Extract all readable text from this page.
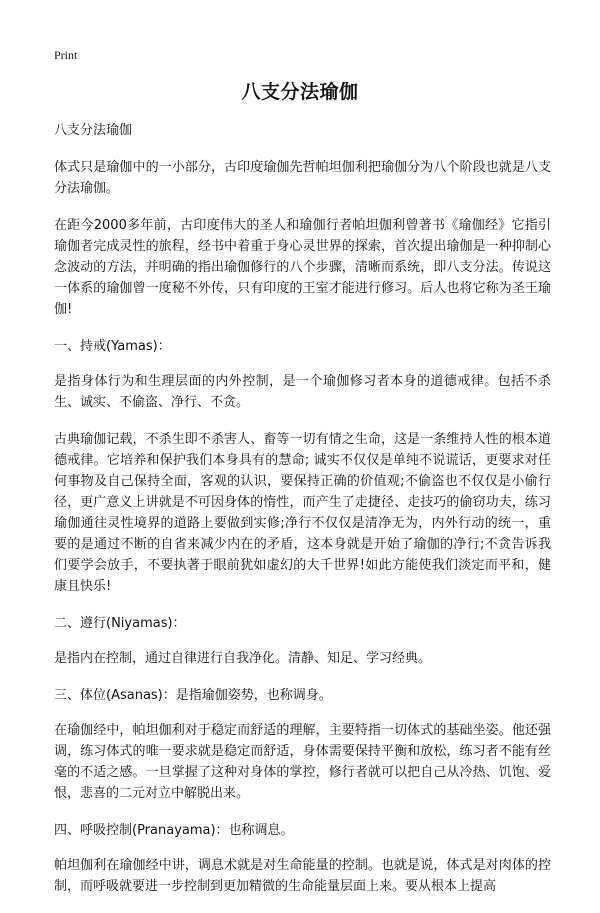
Print
八支分法瑜伽

八支分法瑜伽

体式只是瑜伽中的一小部分，古印度瑜伽先哲帕坦伽利把瑜伽分为八个阶段也就是八支分法瑜伽。

在距今2000多年前，古印度伟大的圣人和瑜伽行者帕坦伽利曾著书《瑜伽经》它指引瑜伽者完成灵性的旅程，经书中着重于身心灵世界的探索，首次提出瑜伽是一种抑制心念波动的方法，并明确的指出瑜伽修行的八个步骤，清晰而系统，即八支分法。传说这一体系的瑜伽曾一度秘不外传，只有印度的王室才能进行修习。后人也将它称为圣王瑜伽!

一、持戒(Yamas)：

是指身体行为和生理层面的内外控制，是一个瑜伽修习者本身的道德戒律。包括不杀生、诚实、不偷盗、净行、不贪。

古典瑜伽记载，不杀生即不杀害人、畜等一切有情之生命，这是一条维持人性的根本道德戒律。它培养和保护我们本身具有的慧命; 诚实不仅仅是单纯不说谎话，更要求对任何事物及自己保持全面，客观的认识，要保持正确的价值观;不偷盗也不仅仅是小偷行径，更广意义上讲就是不可因身体的惰性，而产生了走捷径、走技巧的偷窃功夫，练习瑜伽通往灵性境界的道路上要做到实修;净行不仅仅是清净无为，内外行动的统一，重要的是通过不断的自省来减少内在的矛盾，这本身就是开始了瑜伽的净行;不贪告诉我们要学会放手，不要执著于眼前犹如虚幻的大千世界!如此方能使我们淡定而平和，健康且快乐!

二、遵行(Niyamas)：

是指内在控制，通过自律进行自我净化。清静、知足、学习经典。

三、体位(Asanas)：是指瑜伽姿势，也称调身。

在瑜伽经中，帕坦伽利对于稳定而舒适的理解，主要特指一切体式的基础坐姿。他还强调，练习体式的唯一要求就是稳定而舒适，身体需要保持平衡和放松，练习者不能有丝毫的不适之感。一旦掌握了这种对身体的掌控，修行者就可以把自己从冷热、饥饱、爱恨，悲喜的二元对立中解脱出来。

四、呼吸控制(Pranayama)：也称调息。

帕坦伽利在瑜伽经中讲，调息术就是对生命能量的控制。也就是说，体式是对肉体的控制，而呼吸就要进一步控制到更加精微的生命能量层面上来。要从根本上提高
